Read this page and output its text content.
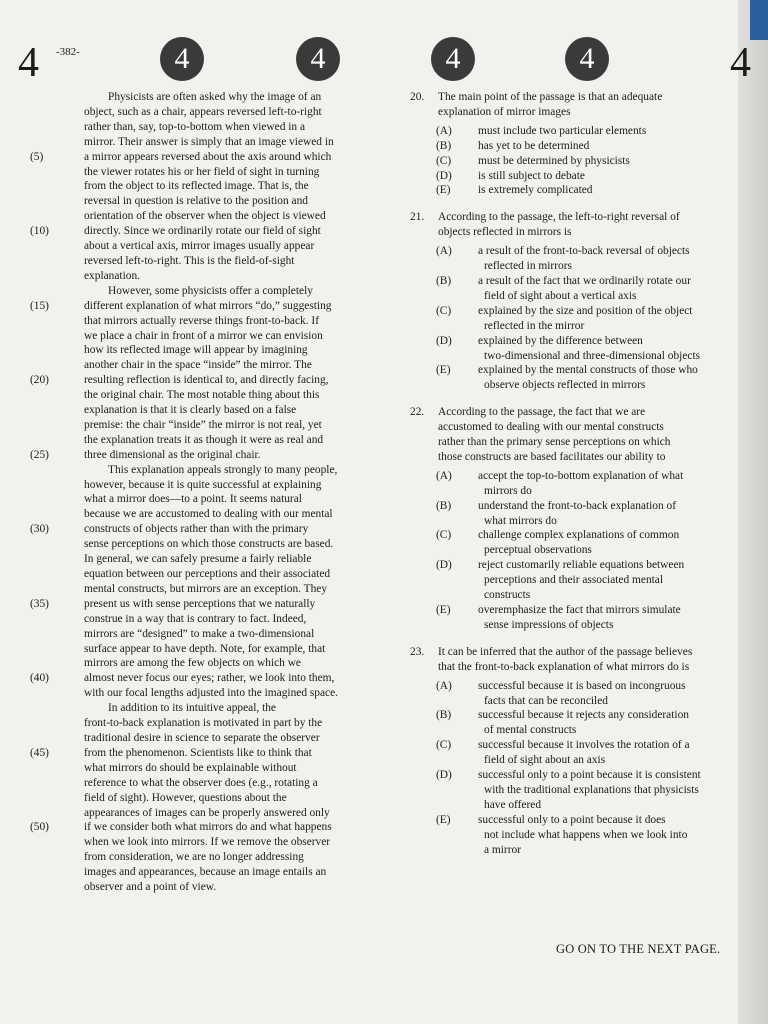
4 -382-	4	4	4	4	4
Physicists are often asked why the image of an
object, such as a chair, appears reversed left-to-right
rather than, say, top-to-bottom when viewed in a
mirror. Their answer is simply that an image viewed in
(5)	a mirror appears reversed about the axis around which
the viewer rotates his or her field of sight in turning
from the object to its reflected image. That is, the
reversal in question is relative to the position and
orientation of the observer when the object is viewed
(10)	directly. Since we ordinarily rotate our field of sight
about a vertical axis, mirror images usually appear
reversed left-to-right. This is the field-of-sight
explanation.
However, some physicists offer a completely
(15)	different explanation of what mirrors “do,” suggesting
that mirrors actually reverse things front-to-back. If
we place a chair in front of a mirror we can envision
how its reflected image will appear by imagining
another chair in the space “inside” the mirror. The
(20)	resulting reflection is identical to, and directly facing,
the original chair. The most notable thing about this
explanation is that it is clearly based on a false
premise: the chair “inside” the mirror is not real, yet
the explanation treats it as though it were as real and
(25)	three dimensional as the original chair.
This explanation appeals strongly to many people,
however, because it is quite successful at explaining
what a mirror does—to a point. It seems natural
because we are accustomed to dealing with our mental
(30)	constructs of objects rather than with the primary
sense perceptions on which those constructs are based.
In general, we can safely presume a fairly reliable
equation between our perceptions and their associated
mental constructs, but mirrors are an exception. They
(35)	present us with sense perceptions that we naturally
construe in a way that is contrary to fact. Indeed,
mirrors are “designed” to make a two-dimensional
surface appear to have depth. Note, for example, that
mirrors are among the few objects on which we
(40)	almost never focus our eyes; rather, we look into them,
with our focal lengths adjusted into the imagined space.
In addition to its intuitive appeal, the
front-to-back explanation is motivated in part by the
traditional desire in science to separate the observer
(45)	from the phenomenon. Scientists like to think that
what mirrors do should be explainable without
reference to what the observer does (e.g., rotating a
field of sight). However, questions about the
appearances of images can be properly answered only
(50)	if we consider both what mirrors do and what happens
when we look into mirrors. If we remove the observer
from consideration, we are no longer addressing
images and appearances, because an image entails an
observer and a point of view.
20. The main point of the passage is that an adequate
explanation of mirror images
(A) must include two particular elements
(B) has yet to be determined
(C) must be determined by physicists
(D) is still subject to debate
(E) is extremely complicated
21. According to the passage, the left-to-right reversal of
objects reflected in mirrors is
(A) a result of the front-to-back reversal of objects
reflected in mirrors
(B) a result of the fact that we ordinarily rotate our
field of sight about a vertical axis
(C) explained by the size and position of the object
reflected in the mirror
(D) explained by the difference between
two-dimensional and three-dimensional objects
(E) explained by the mental constructs of those who
observe objects reflected in mirrors
22. According to the passage, the fact that we are
accustomed to dealing with our mental constructs
rather than the primary sense perceptions on which
those constructs are based facilitates our ability to
(A) accept the top-to-bottom explanation of what
mirrors do
(B) understand the front-to-back explanation of
what mirrors do
(C) challenge complex explanations of common
perceptual observations
(D) reject customarily reliable equations between
perceptions and their associated mental
constructs
(E) overemphasize the fact that mirrors simulate
sense impressions of objects
23. It can be inferred that the author of the passage believes
that the front-to-back explanation of what mirrors do is
(A) successful because it is based on incongruous
facts that can be reconciled
(B) successful because it rejects any consideration
of mental constructs
(C) successful because it involves the rotation of a
field of sight about an axis
(D) successful only to a point because it is consistent
with the traditional explanations that physicists
have offered
(E) successful only to a point because it does
not include what happens when we look into
a mirror
GO ON TO THE NEXT PAGE.
